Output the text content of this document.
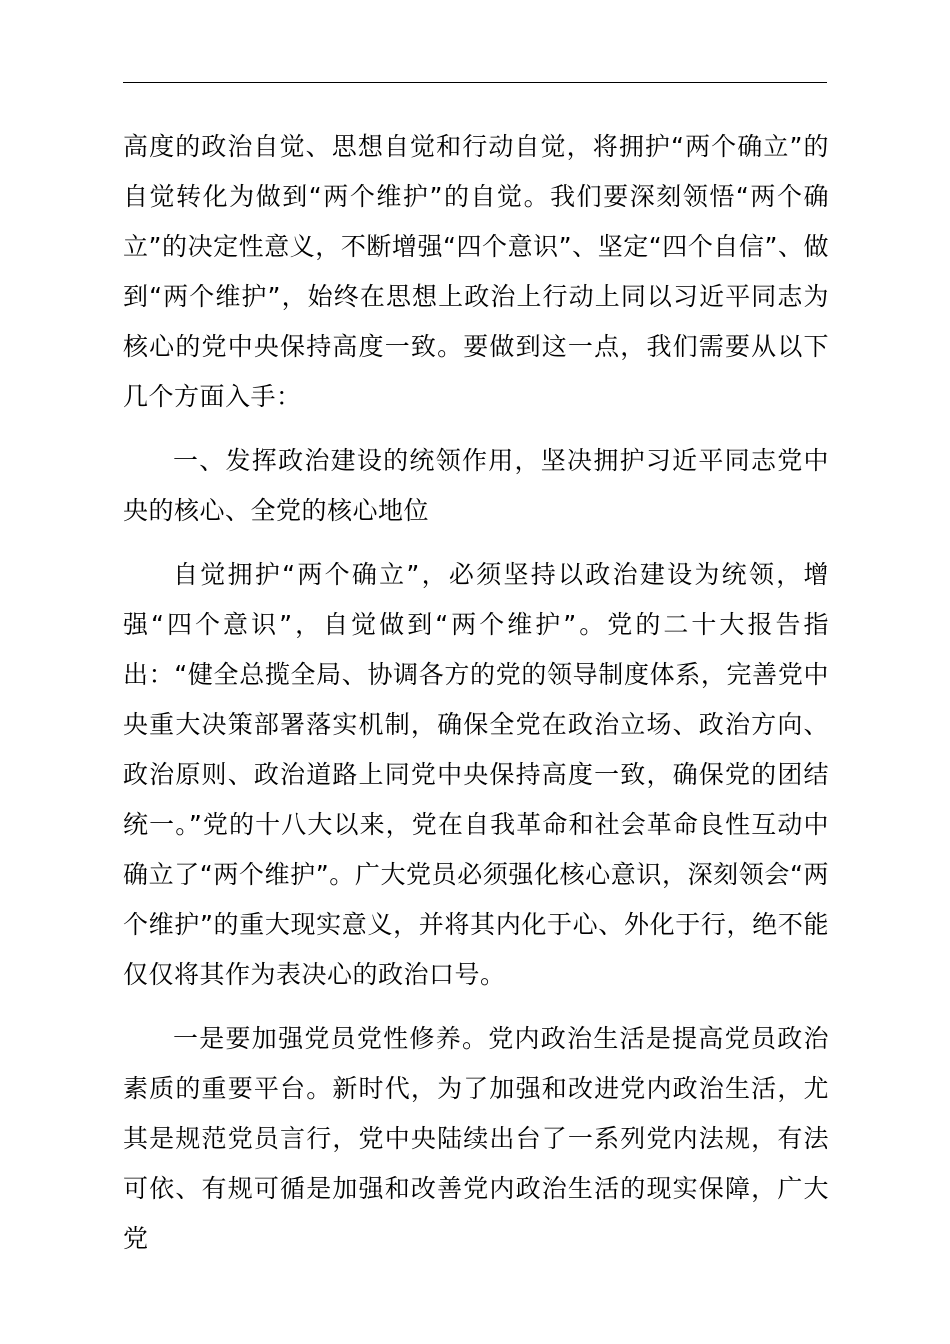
高度的政治自觉、思想自觉和行动自觉，将拥护“两个确立”的自觉转化为做到“两个维护”的自觉。我们要深刻领悟“两个确立”的决定性意义，不断增强“四个意识”、坚定“四个自信”、做到“两个维护”，始终在思想上政治上行动上同以习近平同志为核心的党中央保持高度一致。要做到这一点，我们需要从以下几个方面入手：

一、发挥政治建设的统领作用，坚决拥护习近平同志党中央的核心、全党的核心地位

自觉拥护“两个确立”，必须坚持以政治建设为统领，增强“四个意识”，自觉做到“两个维护”。党的二十大报告指出：“健全总揽全局、协调各方的党的领导制度体系，完善党中央重大决策部署落实机制，确保全党在政治立场、政治方向、政治原则、政治道路上同党中央保持高度一致，确保党的团结统一。”党的十八大以来，党在自我革命和社会革命良性互动中确立了“两个维护”。广大党员必须强化核心意识，深刻领会“两个维护”的重大现实意义，并将其内化于心、外化于行，绝不能仅仅将其作为表决心的政治口号。

一是要加强党员党性修养。党内政治生活是提高党员政治素质的重要平台。新时代，为了加强和改进党内政治生活，尤其是规范党员言行，党中央陆续出台了一系列党内法规，有法可依、有规可循是加强和改善党内政治生活的现实保障，广大党
